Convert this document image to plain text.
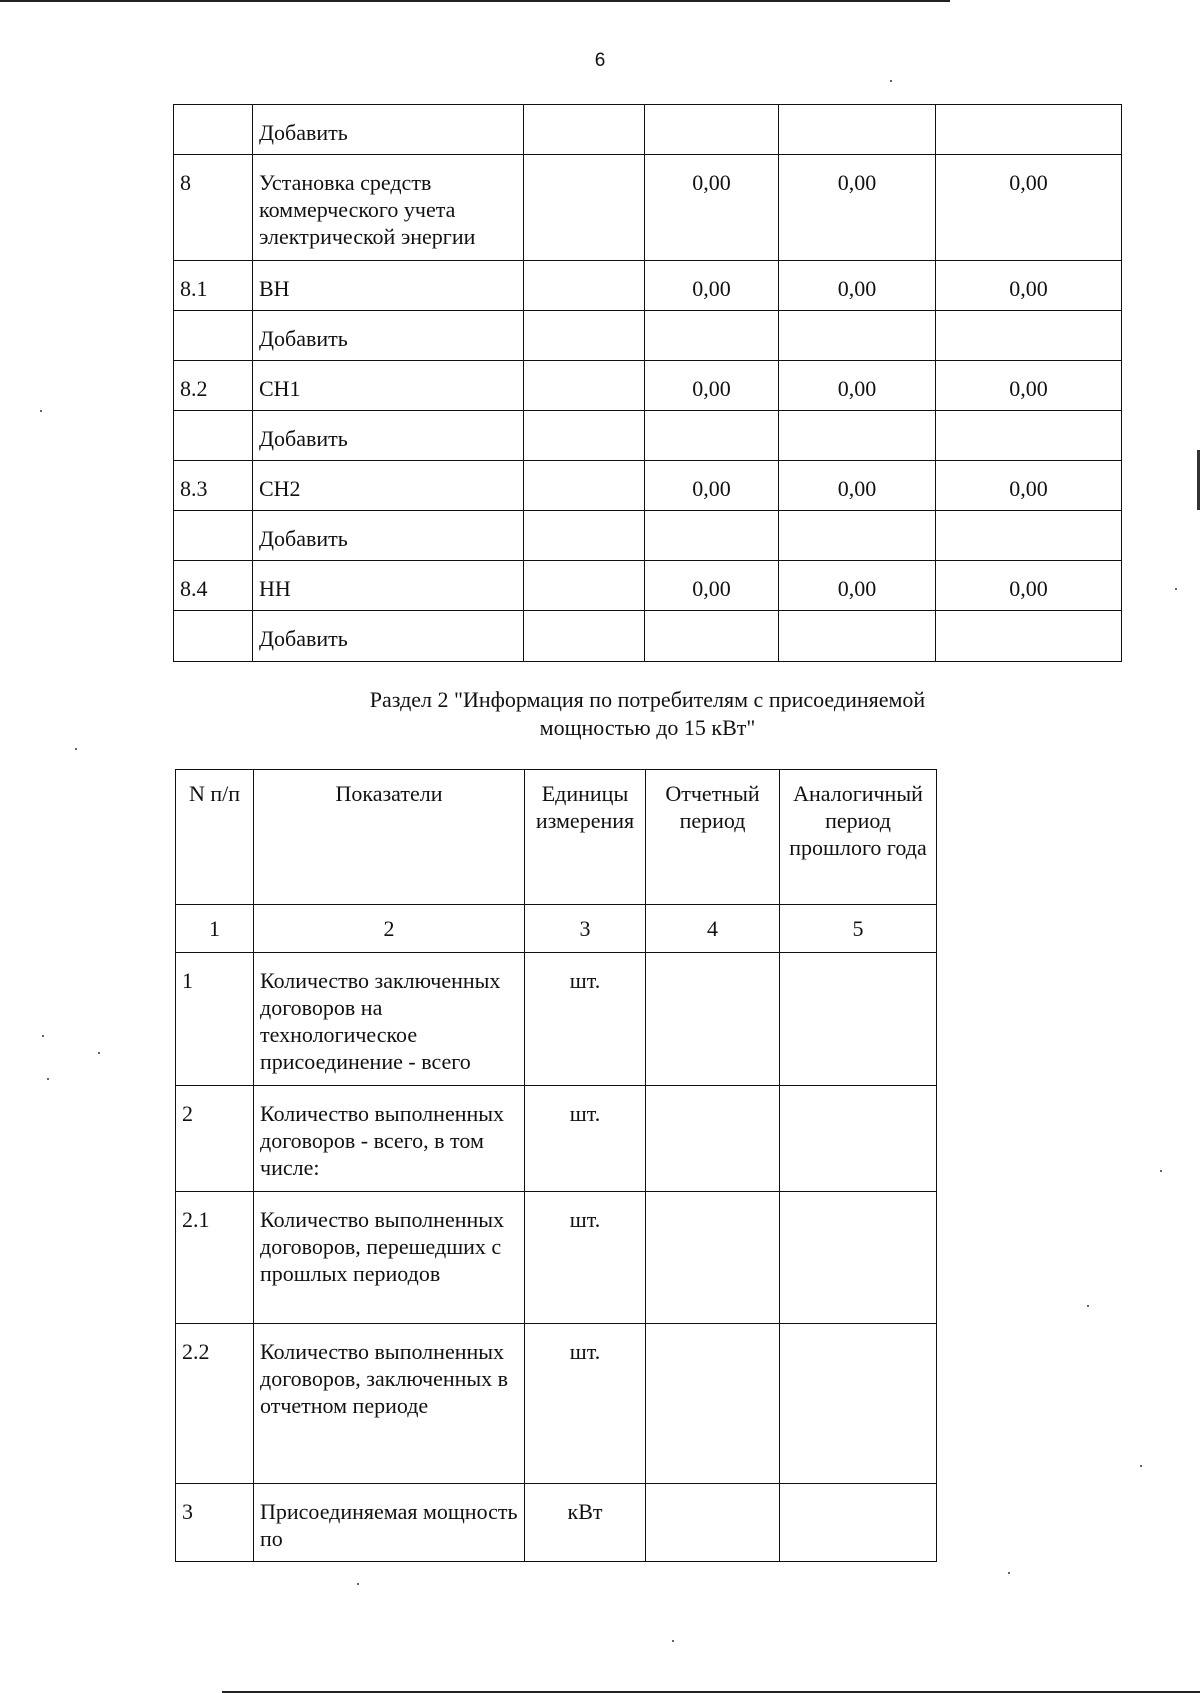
6
	Добавить				
8	Установка средств коммерческого учета электрической энергии		0,00	0,00	0,00
8.1	ВН		0,00	0,00	0,00
	Добавить				
8.2	СН1		0,00	0,00	0,00
	Добавить				
8.3	СН2		0,00	0,00	0,00
	Добавить				
8.4	НН		0,00	0,00	0,00
	Добавить				
Раздел 2 "Информация по потребителям с присоединяемой
мощностью до 15 кВт"
N п/п	Показатели	Единицы измерения	Отчетный период	Аналогичный период прошлого года
1	2	3	4	5
1	Количество заключенных договоров на технологическое присоединение - всего	шт.		
2	Количество выполненных договоров - всего, в том числе:	шт.		
2.1	Количество выполненных договоров, перешедших с прошлых периодов	шт.		
2.2	Количество выполненных договоров, заключенных в отчетном периоде	шт.		
3	Присоединяемая мощность по	кВт		
